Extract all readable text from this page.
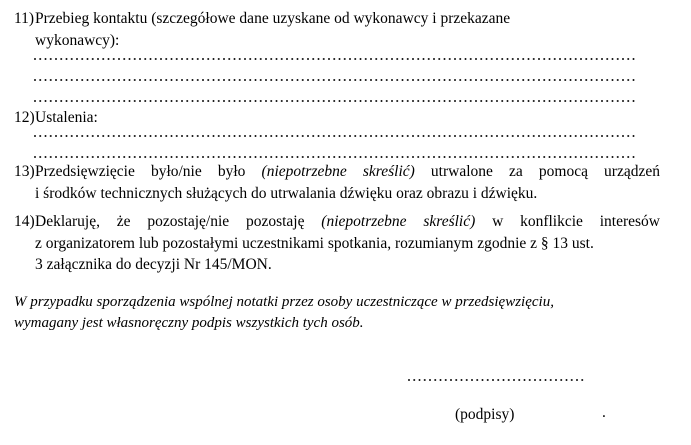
11) Przebieg kontaktu (szczegółowe dane uzyskane od wykonawcy i przekazane
wykonawcy):
12) Ustalenia:
13) Przedsięwzięcie było/nie było (niepotrzebne skreślić) utrwalone za pomocą urządzeń
i środków technicznych służących do utrwalania dźwięku oraz obrazu i dźwięku.
14) Deklaruję, że pozostaję/nie pozostaję (niepotrzebne skreślić) w konflikcie interesów
z organizatorem lub pozostałymi uczestnikami spotkania, rozumianym zgodnie z § 13 ust.
3 załącznika do decyzji Nr 145/MON.
W przypadku sporządzenia wspólnej notatki przez osoby uczestniczące w przedsięwzięciu,
wymagany jest własnoręczny podpis wszystkich tych osób.
(podpisy)	.
